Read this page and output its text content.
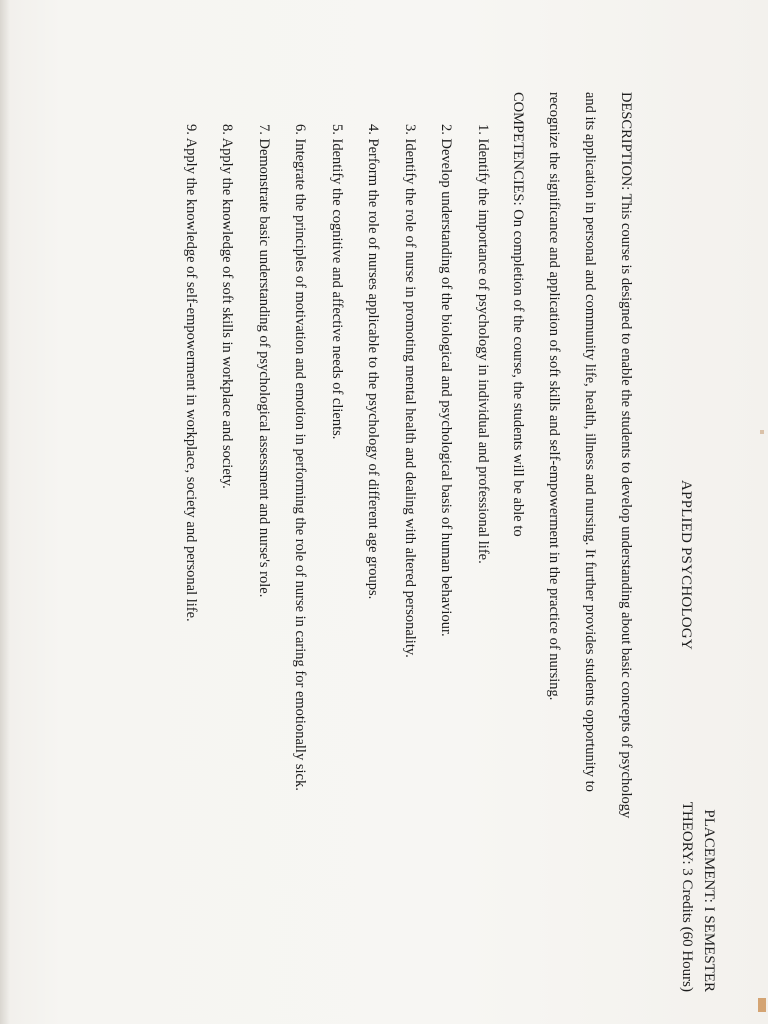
APPLIED PSYCHOLOGY
PLACEMENT: I SEMESTER
THEORY: 3 Credits (60 Hours)
DESCRIPTION: This course is designed to enable the students to develop understanding about basic concepts of psychology
and its application in personal and community life, health, illness and nursing. It further provides students opportunity to
recognize the significance and application of soft skills and self-empowerment in the practice of nursing.
COMPETENCIES: On completion of the course, the students will be able to
1. Identify the importance of psychology in individual and professional life.
2. Develop understanding of the biological and psychological basis of human behaviour.
3. Identify the role of nurse in promoting mental health and dealing with altered personality.
4. Perform the role of nurses applicable to the psychology of different age groups.
5. Identify the cognitive and affective needs of clients.
6. Integrate the principles of motivation and emotion in performing the role of nurse in caring for emotionally sick.
7. Demonstrate basic understanding of psychological assessment and nurse's role.
8. Apply the knowledge of soft skills in workplace and society.
9. Apply the knowledge of self-empowerment in workplace, society and personal life.
